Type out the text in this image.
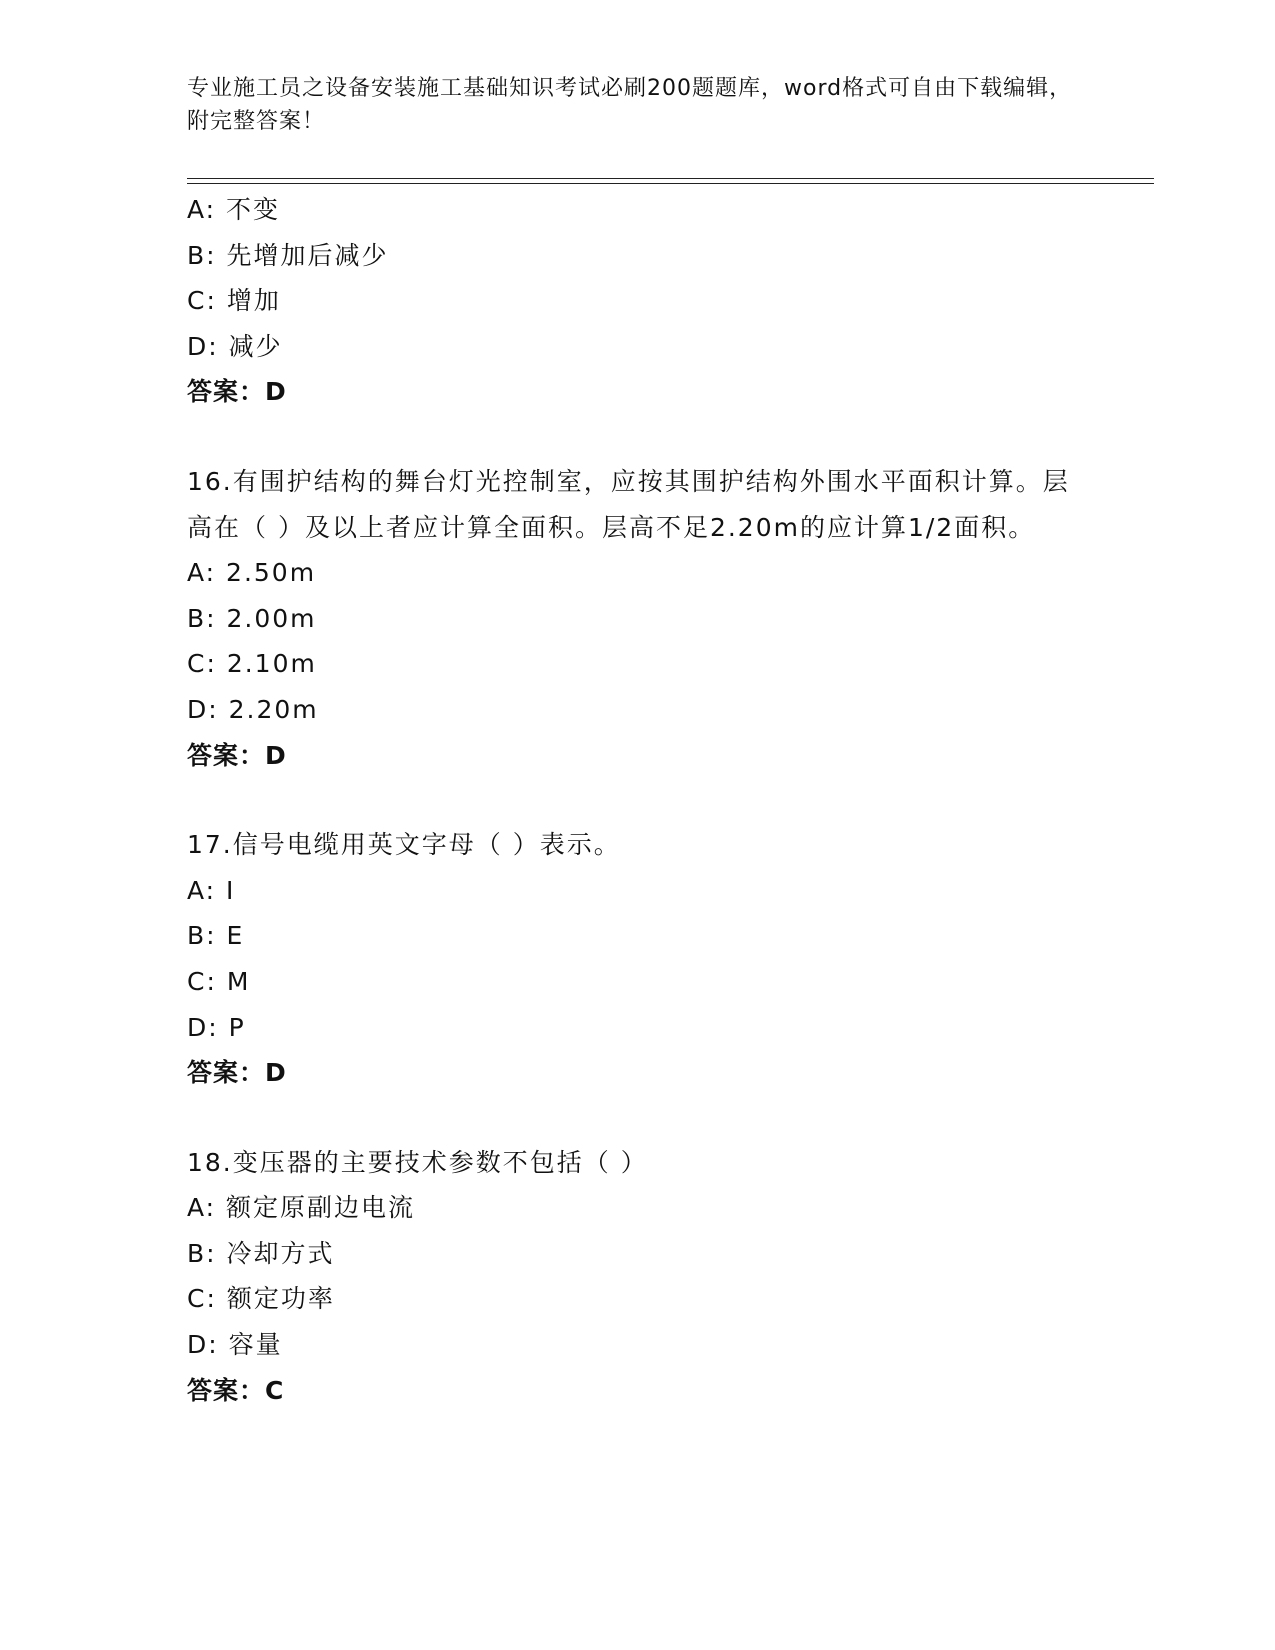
专业施工员之设备安装施工基础知识考试必刷200题题库，word格式可自由下载编辑，附完整答案！
A: 不变
B: 先增加后减少
C: 增加
D: 减少
答案：D
16.有围护结构的舞台灯光控制室，应按其围护结构外围水平面积计算。层高在（ ）及以上者应计算全面积。层高不足2.20m的应计算1/2面积。
A: 2.50m
B: 2.00m
C: 2.10m
D: 2.20m
答案：D
17.信号电缆用英文字母（ ）表示。
A: I
B: E
C: M
D: P
答案：D
18.变压器的主要技术参数不包括（ ）
A: 额定原副边电流
B: 冷却方式
C: 额定功率
D: 容量
答案：C
